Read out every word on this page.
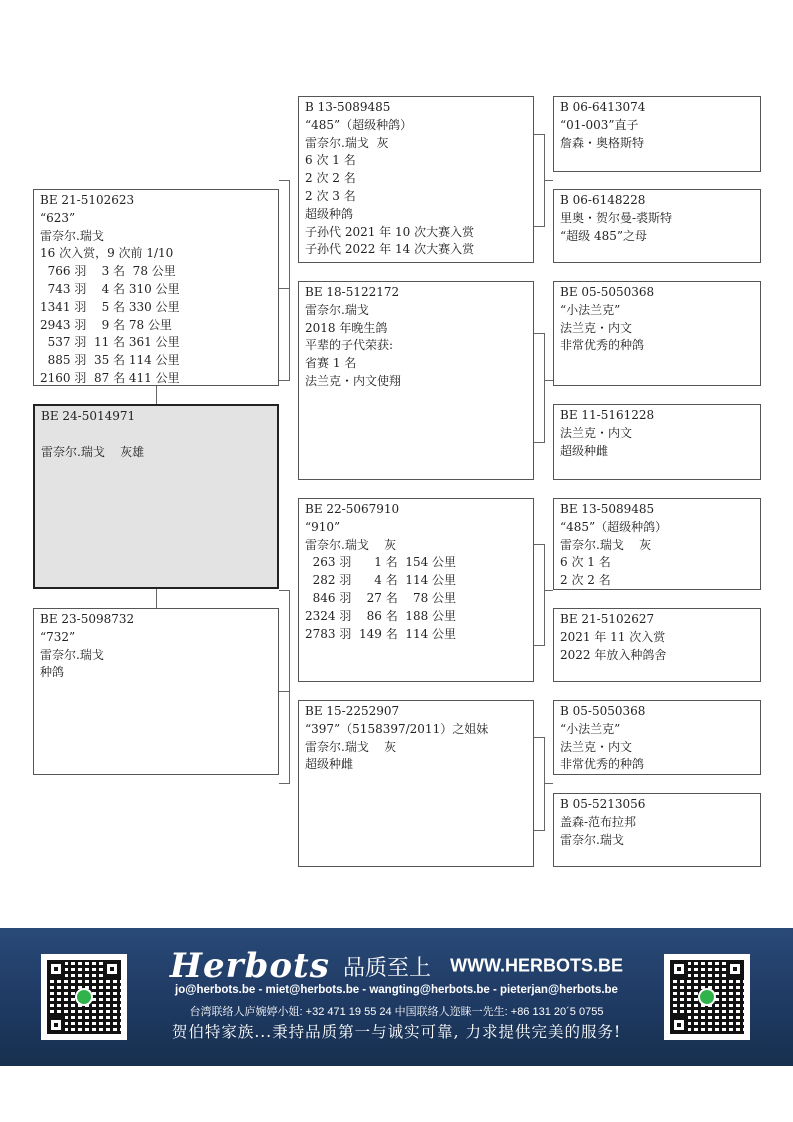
BE 21-5102623
“623”
雷奈尔.瑞戈
16 次入赏，9 次前 1/10
766 羽    3 名  78 公里
743 羽    4 名 310 公里
1341 羽    5 名 330 公里
2943 羽    9 名 78 公里
537 羽  11 名 361 公里
885 羽  35 名 114 公里
2160 羽  87 名 411 公里
BE 24-5014971

雷奈尔.瑞戈    灰雄
BE 23-5098732
“732”
雷奈尔.瑞戈
种鸽
B 13-5089485
“485”（超级种鸽）
雷奈尔.瑞戈  灰
6 次 1 名
2 次 2 名
2 次 3 名
超级种鸽
子孙代 2021 年 10 次大赛入赏
子孙代 2022 年 14 次大赛入赏
BE 18-5122172
雷奈尔.瑞戈
2018 年晚生鸽
平辈的子代荣获:
省赛 1 名
法兰克・内文使翔
BE 22-5067910
“910”
雷奈尔.瑞戈    灰
263 羽      1 名  154 公里
282 羽      4 名  114 公里
846 羽    27 名    78 公里
2324 羽    86 名  188 公里
2783 羽  149 名  114 公里
BE 15-2252907
“397”（5158397/2011）之姐妹
雷奈尔.瑞戈    灰
超级种雌
B 06-6413074
“01-003”直子
詹森・奥格斯特
B 06-6148228
里奥・贺尔曼-裘斯特
“超级 485”之母
BE 05-5050368
“小法兰克”
法兰克・内文
非常优秀的种鸽
BE 11-5161228
法兰克・内文
超级种雌
BE 13-5089485
“485”（超级种鸽）
雷奈尔.瑞戈    灰
6 次 1 名
2 次 2 名
BE 21-5102627
2021 年 11 次入赏
2022 年放入种鸽舍
B 05-5050368
“小法兰克”
法兰克・内文
非常优秀的种鸽
B 05-5213056
盖森-范布拉邦
雷奈尔.瑞戈
Herbots 品质至上 WWW.HERBOTS.BE
jo@herbots.be - miet@herbots.be - wangting@herbots.be - pieterjan@herbots.be
台湾联络人庐婉婷小姐: +32 471 19 55 24 中国联络人迩睐一先生: +86 131 20´5 0755
贺伯特家族...秉持品质第一与诚实可靠, 力求提供完美的服务!
